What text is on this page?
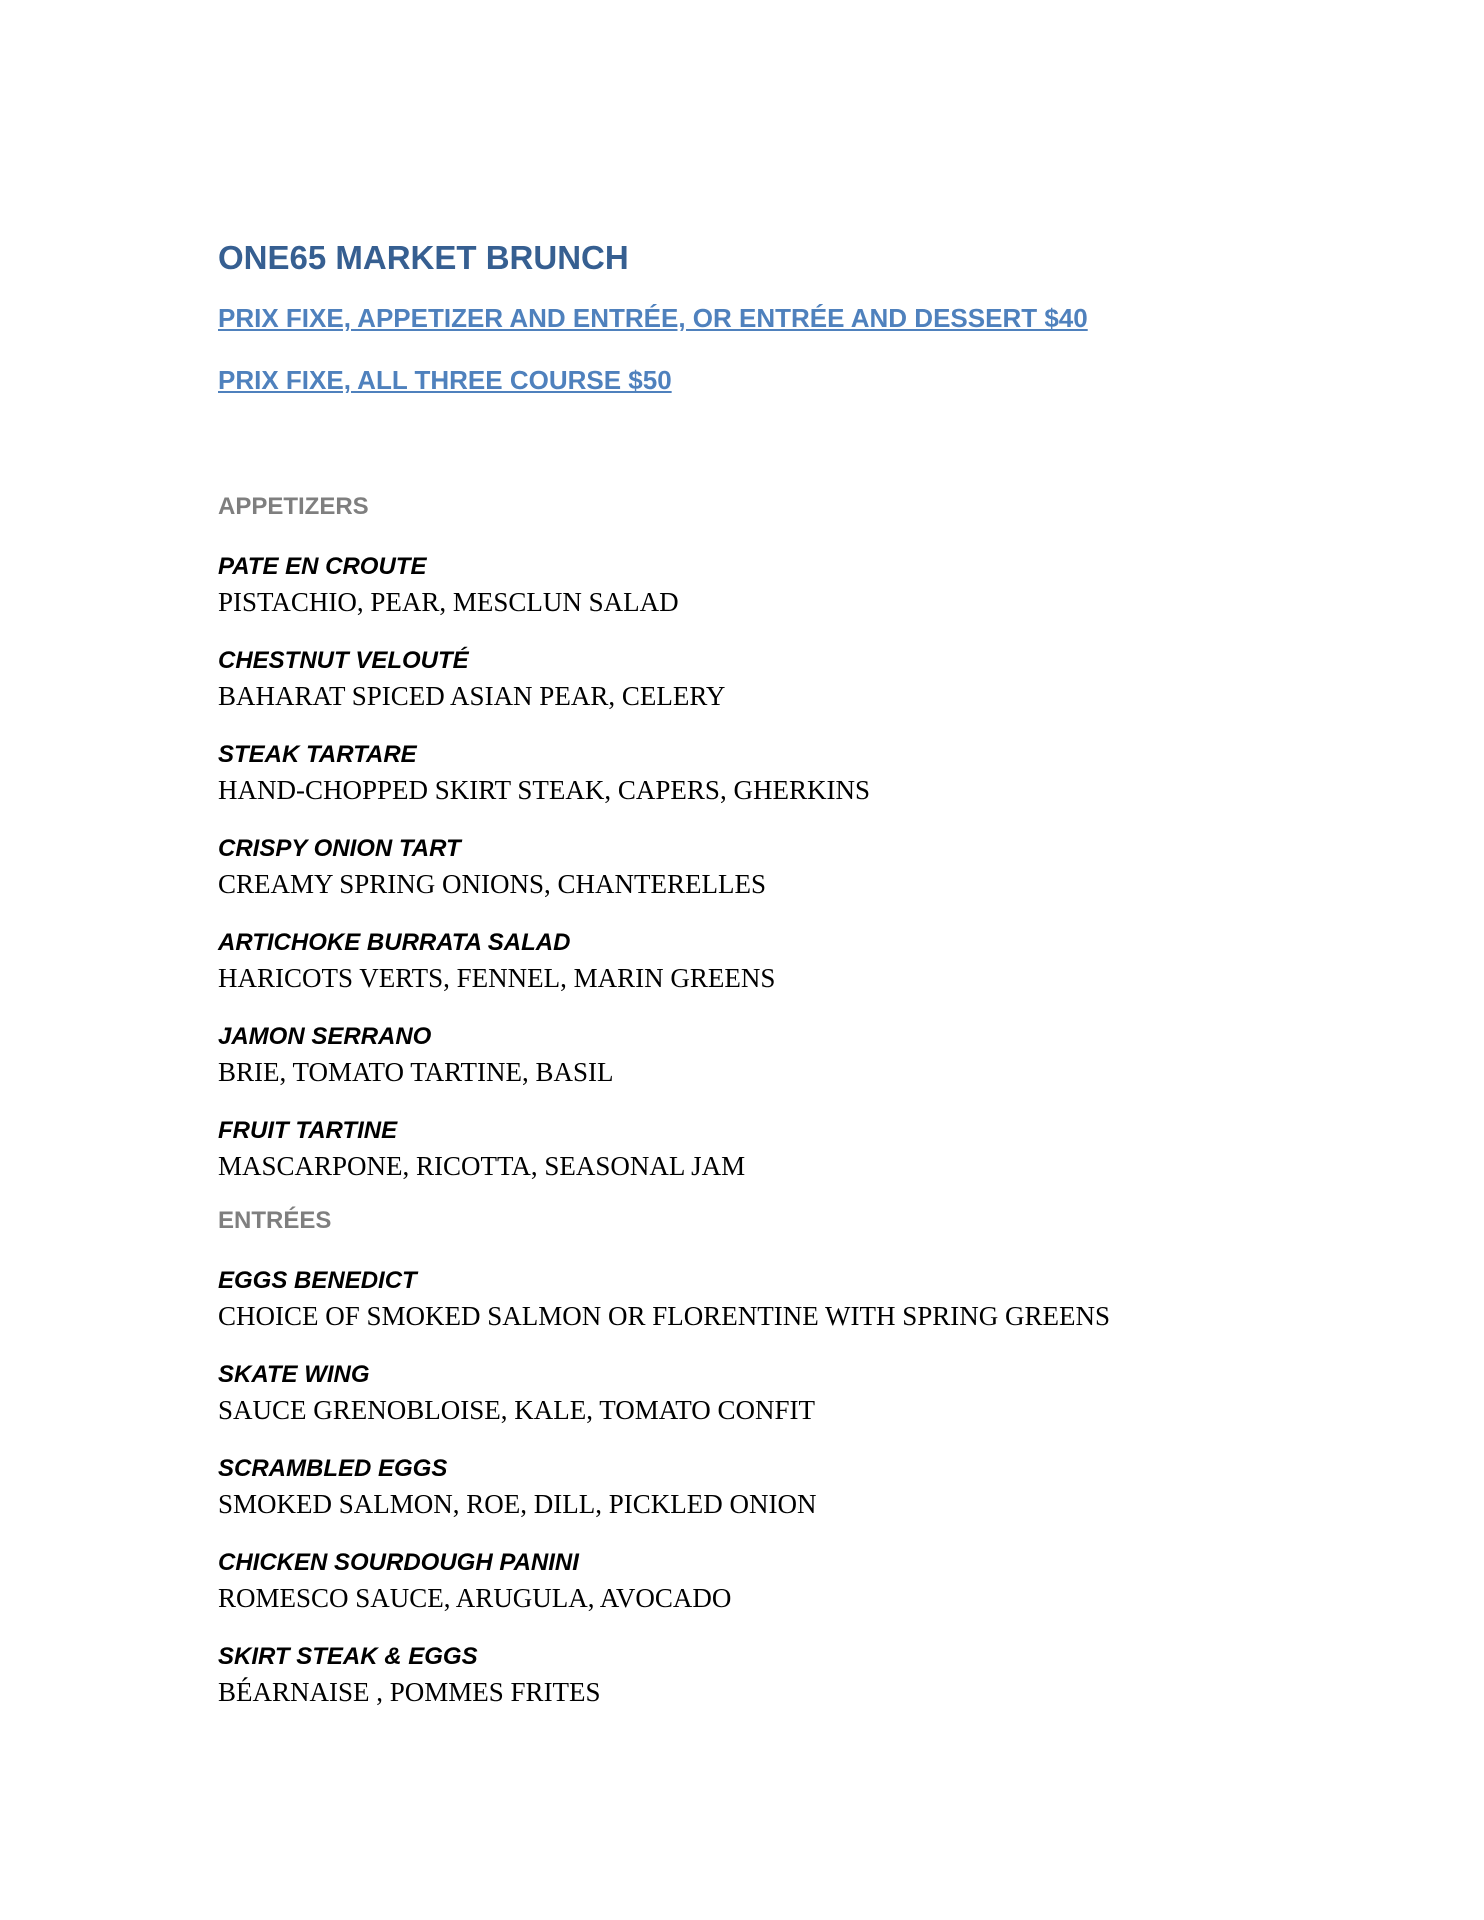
ONE65 MARKET BRUNCH
PRIX FIXE, APPETIZER AND ENTRÉE, OR ENTRÉE AND DESSERT $40
PRIX FIXE, ALL THREE COURSE $50
APPETIZERS

PATE EN CROUTE

PISTACHIO, PEAR, MESCLUN SALAD

CHESTNUT VELOUTÉ

BAHARAT SPICED ASIAN PEAR, CELERY

STEAK TARTARE

HAND-CHOPPED SKIRT STEAK, CAPERS, GHERKINS

CRISPY ONION TART

CREAMY SPRING ONIONS, CHANTERELLES

ARTICHOKE BURRATA SALAD

HARICOTS VERTS, FENNEL, MARIN GREENS

JAMON SERRANO

BRIE, TOMATO TARTINE, BASIL

FRUIT TARTINE

MASCARPONE, RICOTTA, SEASONAL JAM

ENTRÉES

EGGS BENEDICT

CHOICE OF SMOKED SALMON OR FLORENTINE WITH SPRING GREENS

SKATE WING

SAUCE GRENOBLOISE, KALE, TOMATO CONFIT

SCRAMBLED EGGS

SMOKED SALMON, ROE, DILL, PICKLED ONION

CHICKEN SOURDOUGH PANINI

ROMESCO SAUCE, ARUGULA, AVOCADO

SKIRT STEAK & EGGS

BÉARNAISE , POMMES FRITES
